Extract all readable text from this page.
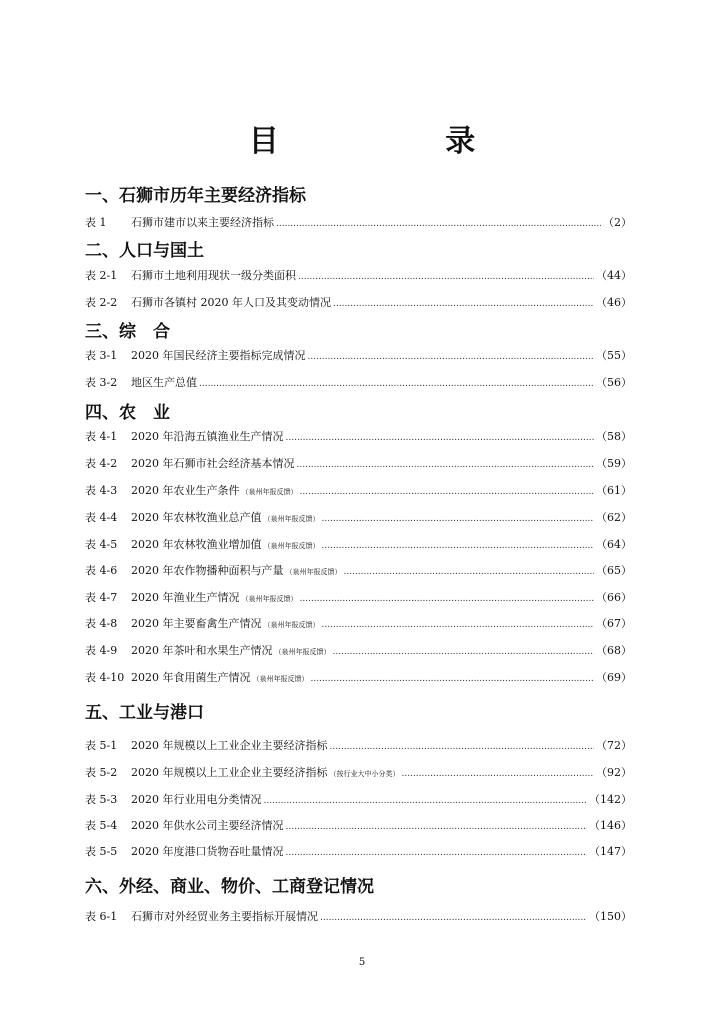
目 录
一、石狮市历年主要经济指标
表 1	石狮市建市以来主要经济指标 .....	（2）
二、人口与国土
表 2-1	石狮市土地利用现状一级分类面积 .....	（44）
表 2-2	石狮市各镇村 2020 年人口及其变动情况 .....	（46）
三、综　合
表 3-1	2020 年国民经济主要指标完成情况 .....	（55）
表 3-2	地区生产总值 .....	（56）
四、农　业
表 4-1	2020 年沿海五镇渔业生产情况 .....	（58）
表 4-2	2020 年石狮市社会经济基本情况 .....	（59）
表 4-3	2020 年农业生产条件 （泉州年报反馈） .....	（61）
表 4-4	2020 年农林牧渔业总产值 （泉州年报反馈） .....	（62）
表 4-5	2020 年农林牧渔业增加值 （泉州年报反馈） .....	（64）
表 4-6	2020 年农作物播种面积与产量 （泉州年报反馈） .....	（65）
表 4-7	2020 年渔业生产情况 （泉州年报反馈） .....	（66）
表 4-8	2020 年主要畜禽生产情况 （泉州年报反馈） .....	（67）
表 4-9	2020 年茶叶和水果生产情况 （泉州年报反馈） .....	（68）
表 4-10 2020 年食用菌生产情况 （泉州年报反馈） .....	（69）
五、工业与港口
表 5-1	2020 年规模以上工业企业主要经济指标 .....	（72）
表 5-2	2020 年规模以上工业企业主要经济指标 （按行业大中小分类） .....	（92）
表 5-3	2020 年行业用电分类情况 .....	（142）
表 5-4	2020 年供水公司主要经济情况 .....	（146）
表 5-5	2020 年度港口货物吞吐量情况 .....	（147）
六、外经、商业、物价、工商登记情况
表 6-1	石狮市对外经贸业务主要指标开展情况 .....	（150）
5
